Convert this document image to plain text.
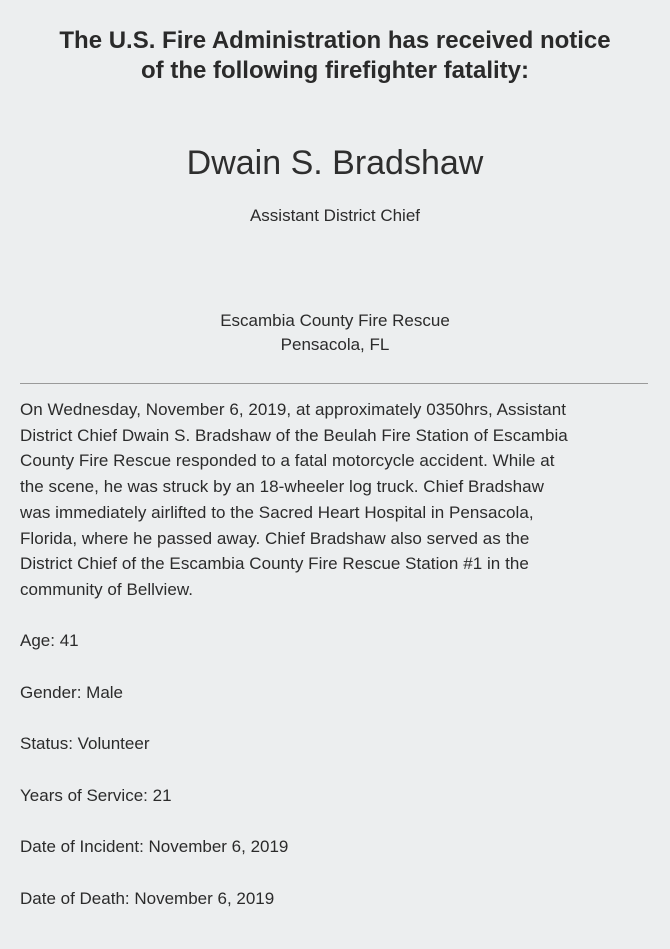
The U.S. Fire Administration has received notice
of the following firefighter fatality:
Dwain S. Bradshaw
Assistant District Chief
Escambia County Fire Rescue
Pensacola, FL

On Wednesday, November 6, 2019, at approximately 0350hrs, Assistant
District Chief Dwain S. Bradshaw of the Beulah Fire Station of Escambia
County Fire Rescue responded to a fatal motorcycle accident. While at
the scene, he was struck by an 18-wheeler log truck. Chief Bradshaw
was immediately airlifted to the Sacred Heart Hospital in Pensacola,
Florida, where he passed away. Chief Bradshaw also served as the
District Chief of the Escambia County Fire Rescue Station #1 in the
community of Bellview.

Age: 41
Gender: Male
Status: Volunteer
Years of Service: 21
Date of Incident: November 6, 2019
Date of Death: November 6, 2019
